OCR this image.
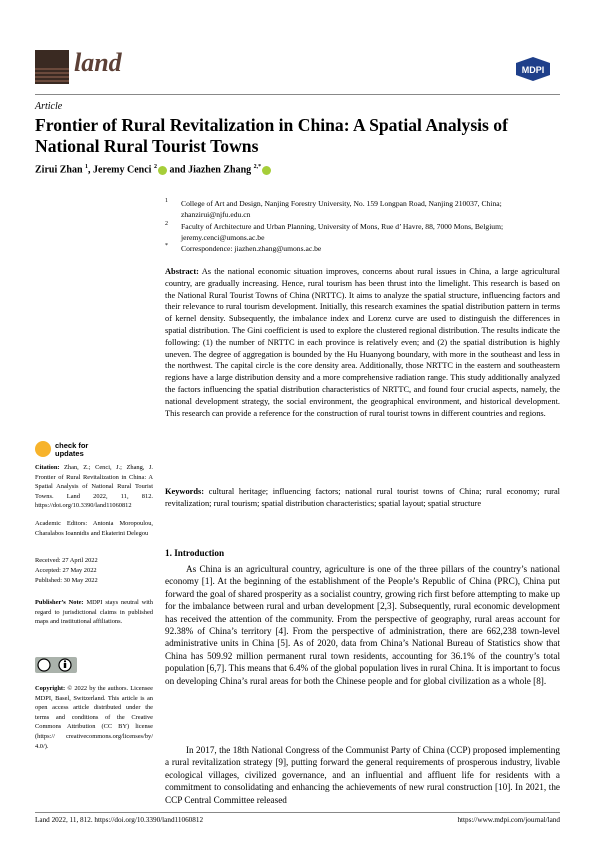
land	MDPI
Article
Frontier of Rural Revitalization in China: A Spatial Analysis of National Rural Tourist Towns
Zirui Zhan $^1$, Jeremy Cenci $^2$ and Jiazhen Zhang $^{2,*}$
1 College of Art and Design, Nanjing Forestry University, No. 159 Longpan Road, Nanjing 210037, China; zhanzirui@njfu.edu.cn
2 Faculty of Architecture and Urban Planning, University of Mons, Rue d’ Havre, 88, 7000 Mons, Belgium; jeremy.cenci@umons.ac.be
* Correspondence: jiazhen.zhang@umons.ac.be
Abstract: As the national economic situation improves, concerns about rural issues in China, a large agricultural country, are gradually increasing. Hence, rural tourism has been thrust into the limelight. This research is based on the National Rural Tourist Towns of China (NRTTC). It aims to analyze the spatial structure, influencing factors and their relevance to rural tourism development. Initially, this research examines the spatial distribution pattern in terms of kernel density. Subsequently, the imbalance index and Lorenz curve are used to distinguish the differences in spatial distribution. The Gini coefficient is used to explore the clustered regional distribution. The results indicate the following: (1) the number of NRTTC in each province is relatively even; and (2) the spatial distribution is highly uneven. The degree of aggregation is bounded by the Hu Huanyong boundary, with more in the southeast and less in the northwest. The capital circle is the core density area. Additionally, those NRTTC in the eastern and southeastern regions have a large distribution density and a more comprehensive radiation range. This study additionally analyzed the factors influencing the spatial distribution characteristics of NRTTC, and found four crucial aspects, namely, the national development strategy, the social environment, the geographical environment, and historical development. This research can provide a reference for the construction of rural tourist towns in different countries and regions.
Keywords: cultural heritage; influencing factors; national rural tourist towns of China; rural economy; rural revitalization; rural tourism; spatial distribution characteristics; spatial layout; spatial structure
check for updates
Citation: Zhan, Z.; Cenci, J.; Zhang, J. Frontier of Rural Revitalization in China: A Spatial Analysis of National Rural Tourist Towns. Land 2022, 11, 812. https://doi.org/10.3390/land11060812
Academic Editors: Antonia Moropoulou, Charalabos Ioannidis and Ekaterini Delegou
Received: 27 April 2022
Accepted: 27 May 2022
Published: 30 May 2022
Publisher’s Note: MDPI stays neutral with regard to jurisdictional claims in published maps and institutional affiliations.
Copyright: © 2022 by the authors. Licensee MDPI, Basel, Switzerland. This article is an open access article distributed under the terms and conditions of the Creative Commons Attribution (CC BY) license (https:// creativecommons.org/licenses/by/ 4.0/).
1. Introduction
As China is an agricultural country, agriculture is one of the three pillars of the country’s national economy [1]. At the beginning of the establishment of the People’s Republic of China (PRC), China put forward the goal of shared prosperity as a socialist country, growing rich first before attempting to make up for the imbalance between rural and urban development [2,3]. Subsequently, rural economic development has received the attention of the community. From the perspective of geography, rural areas account for 92.38% of China’s territory [4]. From the perspective of administration, there are 662,238 town-level administrative units in China [5]. As of 2020, data from China’s National Bureau of Statistics show that China has 509.92 million permanent rural town residents, accounting for 36.1% of the country’s total population [6,7]. This means that 6.4% of the global population lives in rural China. It is important to focus on developing China’s rural areas for both the Chinese people and for global civilization as a whole [8].
In 2017, the 18th National Congress of the Communist Party of China (CCP) proposed implementing a rural revitalization strategy [9], putting forward the general requirements of prosperous industry, livable ecological villages, civilized governance, and an influential and affluent life for residents with a commitment to consolidating and enhancing the achievements of new rural construction [10]. In 2021, the CCP Central Committee released
Land 2022, 11, 812. https://doi.org/10.3390/land11060812	https://www.mdpi.com/journal/land
